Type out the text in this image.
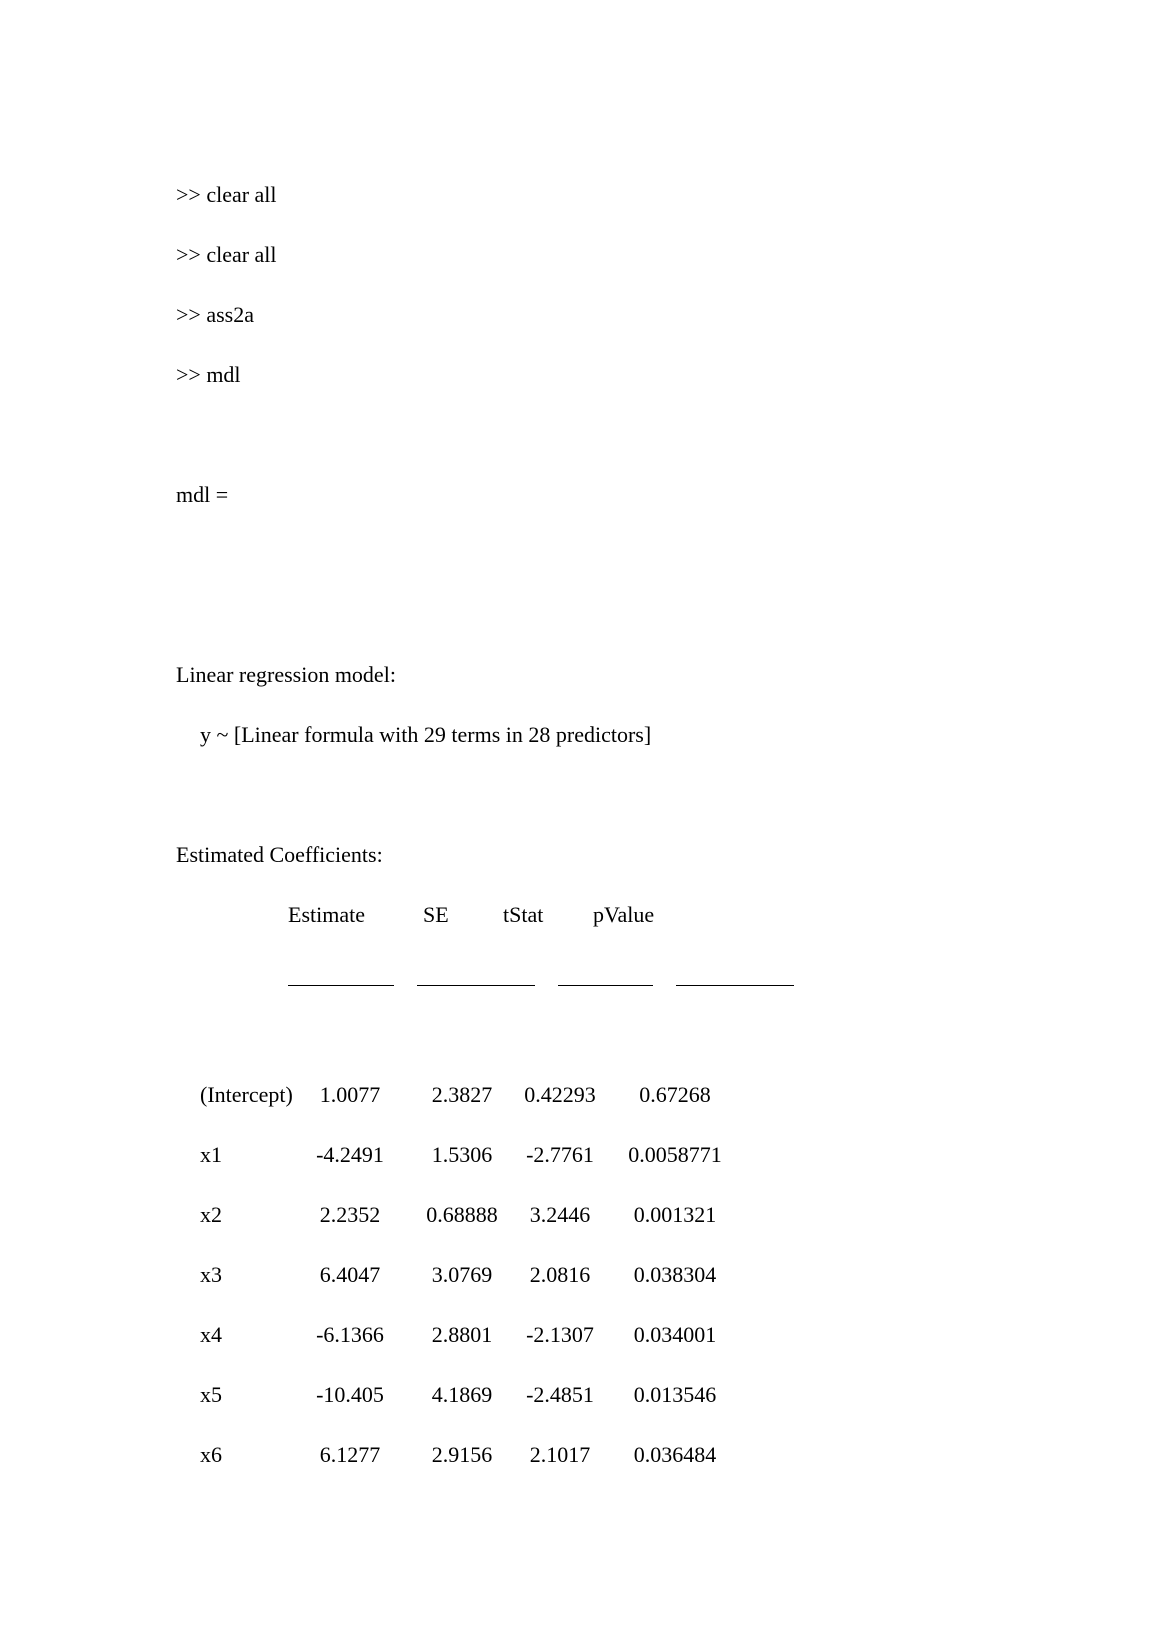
>> clear all
>> clear all
>> ass2a
>> mdl
mdl =
Linear regression model:
y ~ [Linear formula with 29 terms in 28 predictors]
Estimated Coefficients:
Estimate	SE tStat pValue
(Intercept) 1.0077 2.3827 0.42293 0.67268
x1	-4.2491 1.5306 -2.7761 0.0058771
x2	2.2352 0.68888 3.2446 0.001321
x3	6.4047 3.0769 2.0816 0.038304
x4	-6.1366 2.8801 -2.1307 0.034001
x5	-10.405 4.1869 -2.4851 0.013546
x6	6.1277 2.9156 2.1017 0.036484
